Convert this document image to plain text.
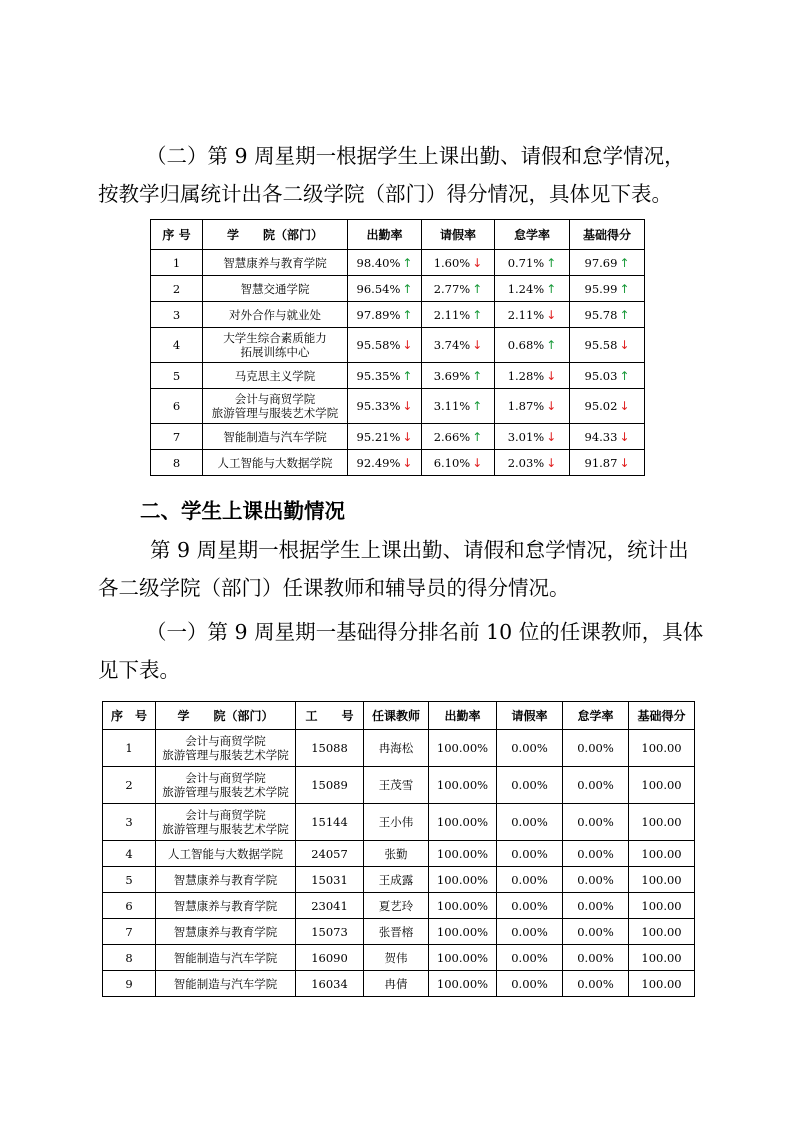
（二）第 9 周星期一根据学生上课出勤、请假和怠学情况，

按教学归属统计出各二级学院（部门）得分情况，具体见下表。

序 号	学　　院（部门）	出勤率	请假率	怠学率	基础得分
1	智慧康养与教育学院	98.40% ↑	1.60% ↓	0.71% ↑	97.69 ↑
2	智慧交通学院	96.54% ↑	2.77% ↑	1.24% ↑	95.99 ↑
3	对外合作与就业处	97.89% ↑	2.11% ↑	2.11% ↓	95.78 ↑
4	大学生综合素质能力
拓展训练中心	95.58% ↓	3.74% ↓	0.68% ↑	95.58 ↓
5	马克思主义学院	95.35% ↑	3.69% ↑	1.28% ↓	95.03 ↑
6	会计与商贸学院
旅游管理与服装艺术学院	95.33% ↓	3.11% ↑	1.87% ↓	95.02 ↓
7	智能制造与汽车学院	95.21% ↓	2.66% ↑	3.01% ↓	94.33 ↓
8	人工智能与大数据学院	92.49% ↓	6.10% ↓	2.03% ↓	91.87 ↓

二、学生上课出勤情况

第 9 周星期一根据学生上课出勤、请假和怠学情况，统计出

各二级学院（部门）任课教师和辅导员的得分情况。

（一）第 9 周星期一基础得分排名前 10 位的任课教师，具体

见下表。

序　号	学　　院（部门）	工　　号	任课教师	出勤率	请假率	怠学率	基础得分
1	会计与商贸学院
旅游管理与服装艺术学院	15088	冉海松	100.00%	0.00%	0.00%	100.00
2	会计与商贸学院
旅游管理与服装艺术学院	15089	王茂雪	100.00%	0.00%	0.00%	100.00
3	会计与商贸学院
旅游管理与服装艺术学院	15144	王小伟	100.00%	0.00%	0.00%	100.00
4	人工智能与大数据学院	24057	张勤	100.00%	0.00%	0.00%	100.00
5	智慧康养与教育学院	15031	王成露	100.00%	0.00%	0.00%	100.00
6	智慧康养与教育学院	23041	夏艺玲	100.00%	0.00%	0.00%	100.00
7	智慧康养与教育学院	15073	张晋榕	100.00%	0.00%	0.00%	100.00
8	智能制造与汽车学院	16090	贺伟	100.00%	0.00%	0.00%	100.00
9	智能制造与汽车学院	16034	冉倩	100.00%	0.00%	0.00%	100.00
